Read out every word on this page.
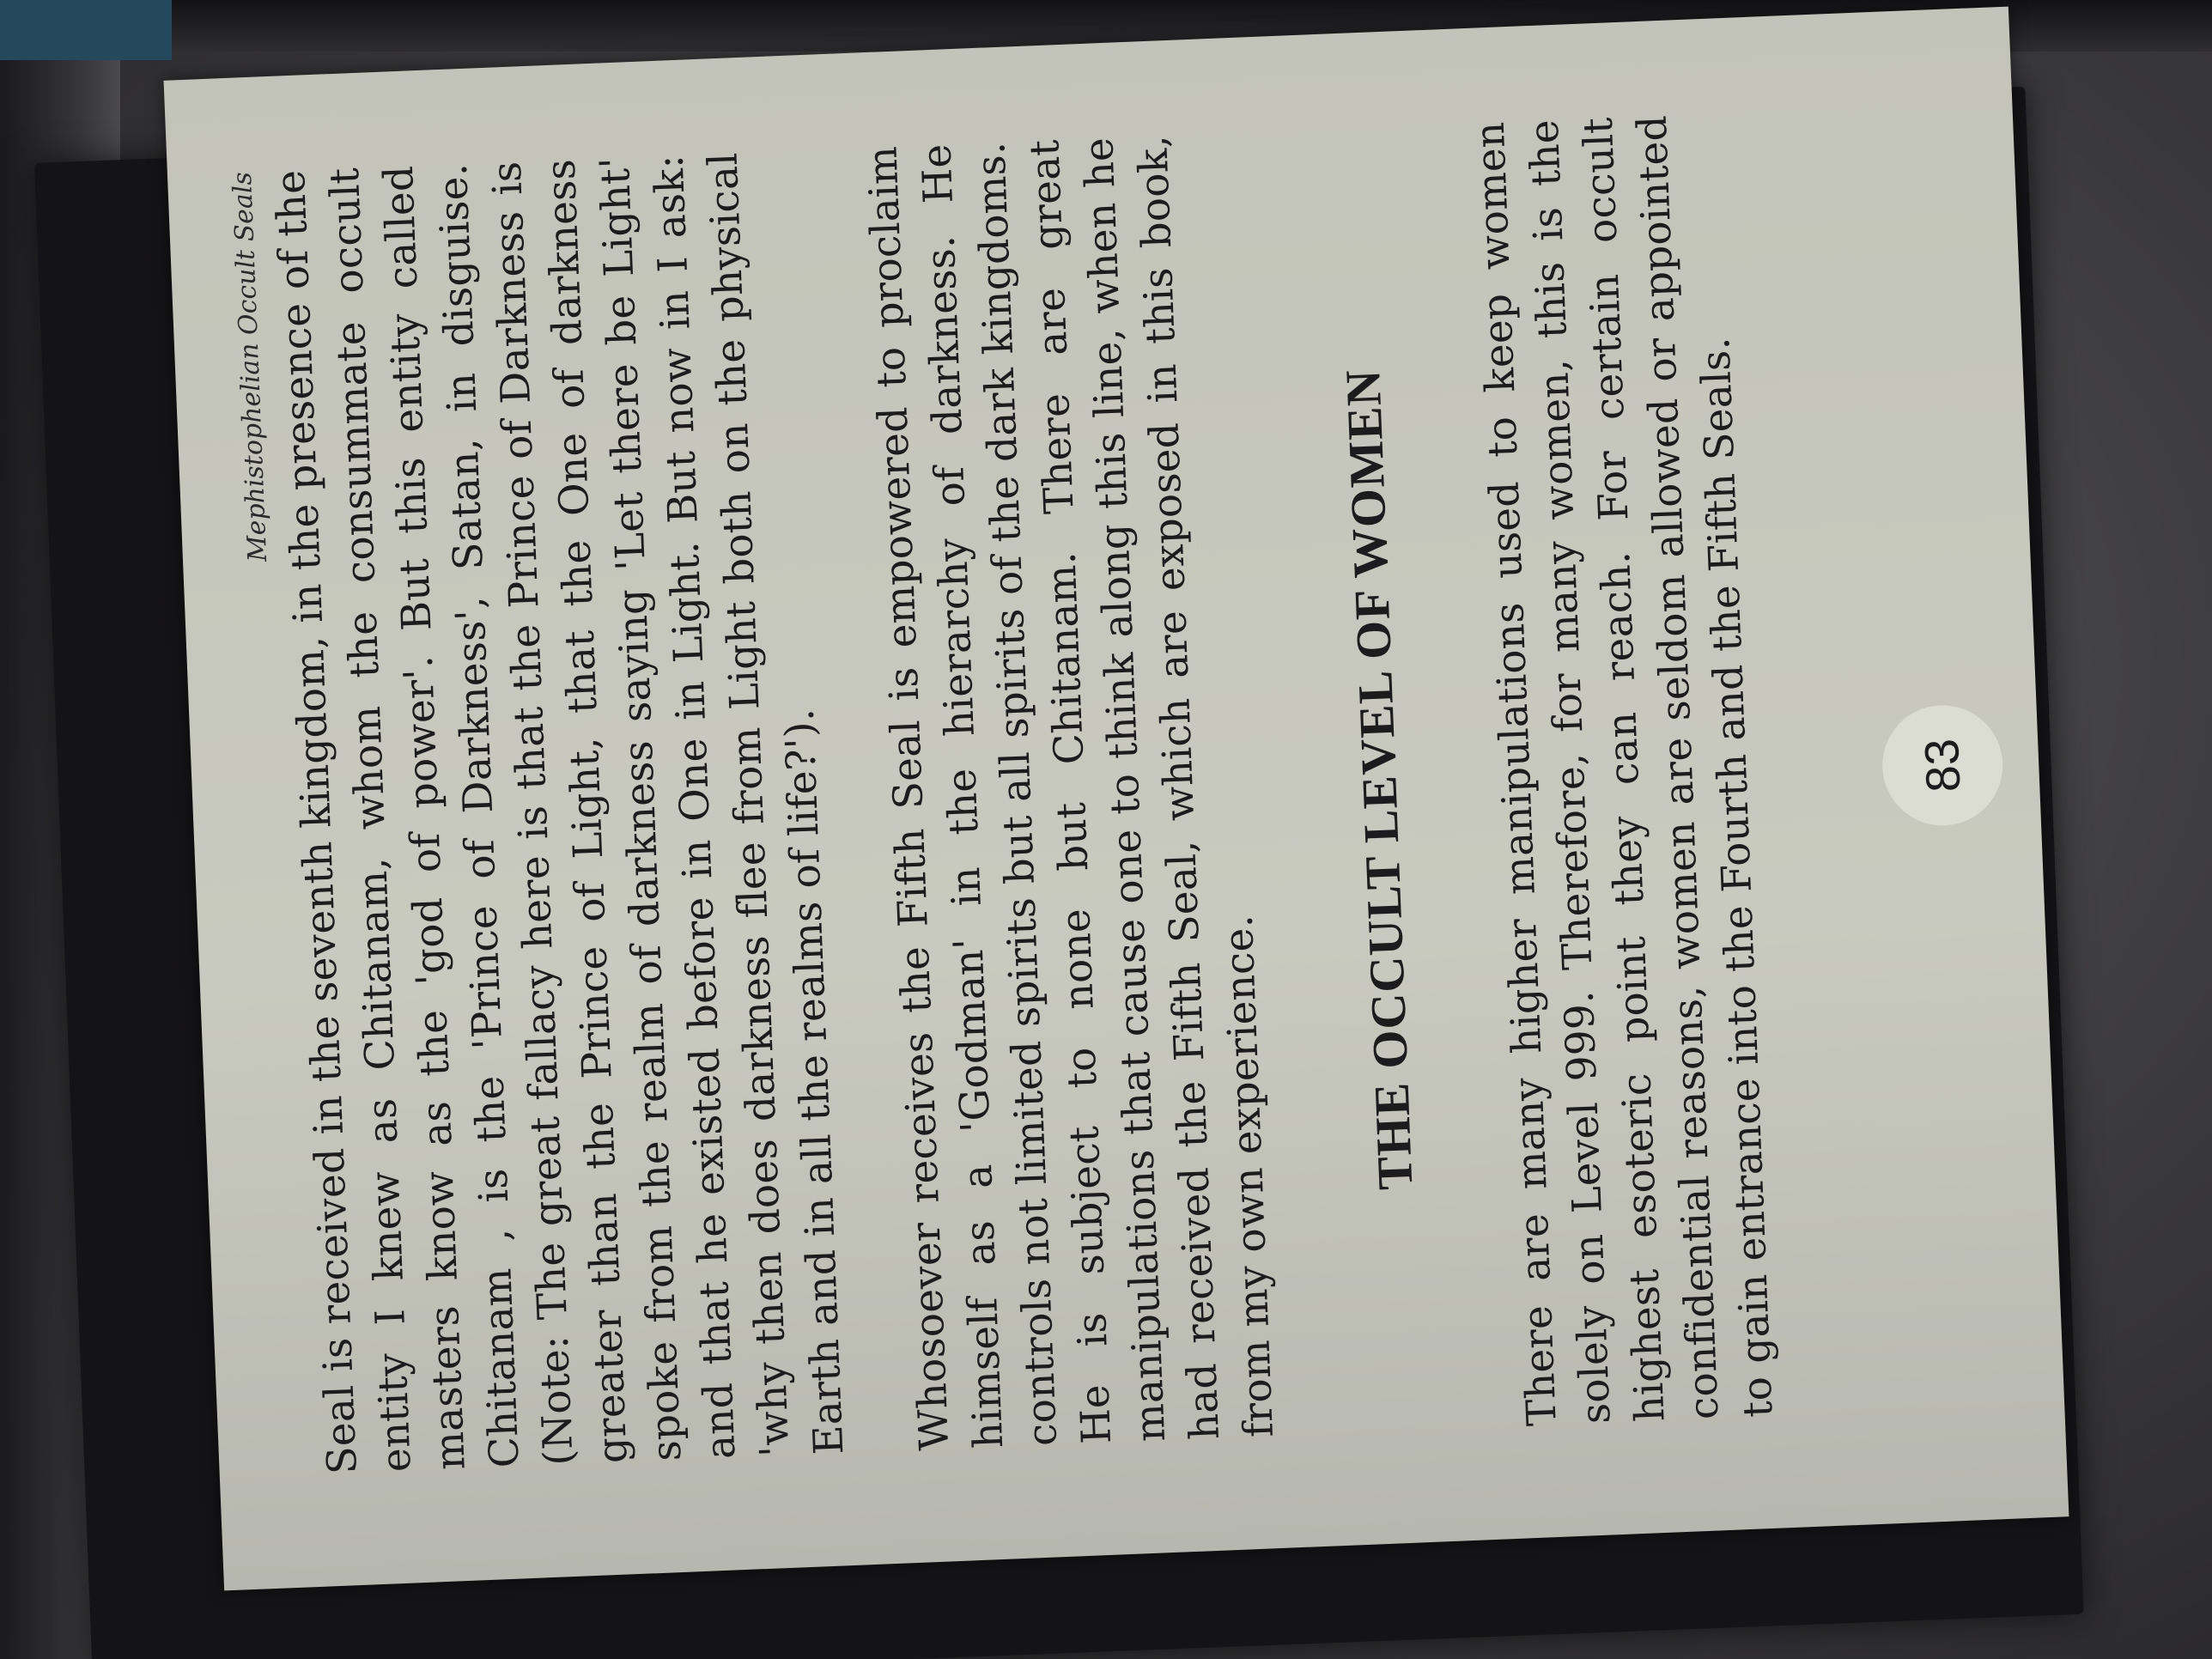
Mephistophelian Occult Seals

Seal is received in the seventh kingdom, in the presence of the entity I knew as Chitanam, whom the consummate occult masters know as the 'god of power'. But this entity called Chitanam , is the 'Prince of Darkness', Satan, in disguise. (Note: The great fallacy here is that the Prince of Darkness is greater than the Prince of Light, that the One of darkness spoke from the realm of darkness saying 'Let there be Light' and that he existed before in One in Light. But now in I ask: 'why then does darkness flee from Light both on the physical Earth and in all the realms of life?'). Whosoever receives the Fifth Seal is empowered to proclaim himself as a 'Godman' in the hierarchy of darkness. He controls not limited spirits but all spirits of the dark kingdoms. He is subject to none but Chitanam. There are great manipulations that cause one to think along this line, when he had received the Fifth Seal, which are exposed in this book, from my own experience. THE OCCULT LEVEL OF WOMEN There are many higher manipulations used to keep women solely on Level 999. Therefore, for many women, this is the highest esoteric point they can reach. For certain occult confidential reasons, women are seldom allowed or appointed to gain entrance into the Fourth and the Fifth Seals.	83
